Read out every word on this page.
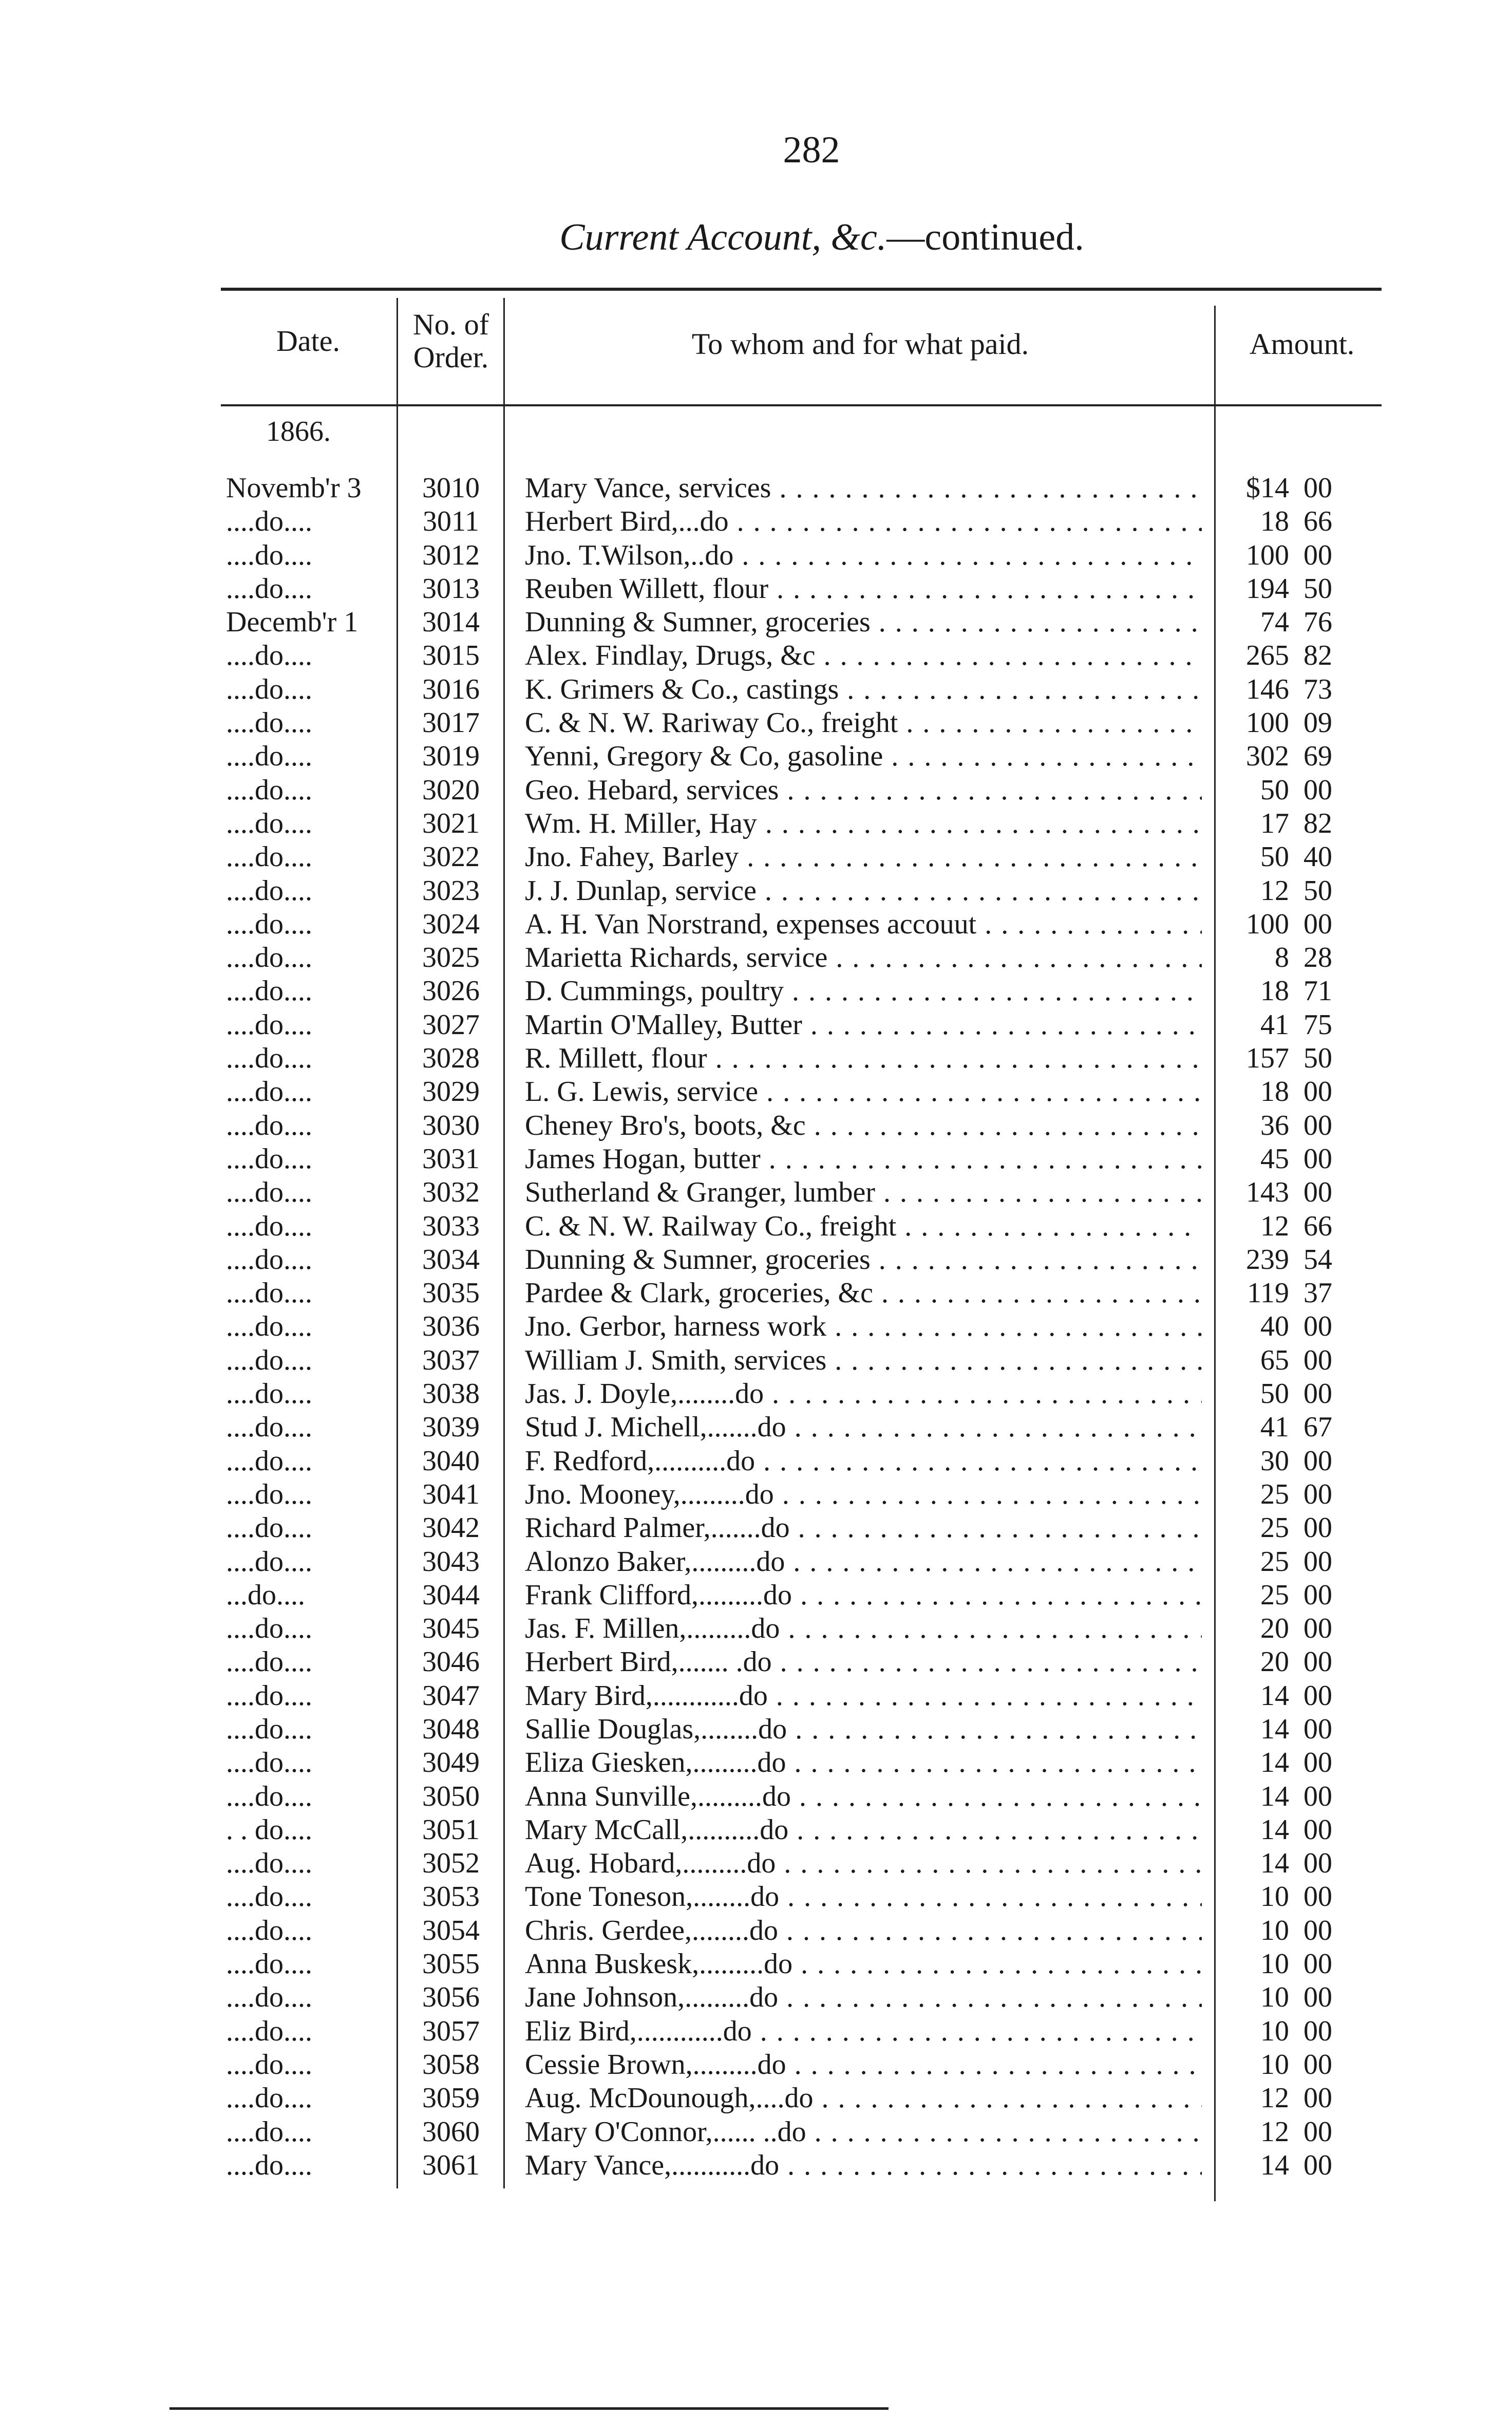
282
Current Account, &c.—continued.
Date.	No. of
Order.	To whom and for what paid.	Amount.
1866.
Novemb'r 3	3010	Mary Vance, services . . .	$14 00
....do....	3011	Herbert Bird,...do . . .	18 66
....do....	3012	Jno. T.Wilson,..do . . .	100 00
....do....	3013	Reuben Willett, flour . . .	194 50
Decemb'r 1	3014	Dunning & Sumner, groceries . . .	74 76
....do....	3015	Alex. Findlay, Drugs, &c . . .	265 82
....do....	3016	K. Grimers & Co., castings . . .	146 73
....do....	3017	C. & N. W. Rariway Co., freight . . .	100 09
....do....	3019	Yenni, Gregory & Co, gasoline . . .	302 69
....do....	3020	Geo. Hebard, services . . .	50 00
....do....	3021	Wm. H. Miller, Hay . . .	17 82
....do....	3022	Jno. Fahey, Barley . . .	50 40
....do....	3023	J. J. Dunlap, service . . .	12 50
....do....	3024	A. H. Van Norstrand, expenses accouut . . .	100 00
....do....	3025	Marietta Richards, service . . .	8 28
....do....	3026	D. Cummings, poultry . . .	18 71
....do....	3027	Martin O'Malley, Butter . . .	41 75
....do....	3028	R. Millett, flour . . .	157 50
....do....	3029	L. G. Lewis, service . . .	18 00
....do....	3030	Cheney Bro's, boots, &c . . .	36 00
....do....	3031	James Hogan, butter . . .	45 00
....do....	3032	Sutherland & Granger, lumber . . .	143 00
....do....	3033	C. & N. W. Railway Co., freight . . .	12 66
....do....	3034	Dunning & Sumner, groceries . . .	239 54
....do....	3035	Pardee & Clark, groceries, &c . . .	119 37
....do....	3036	Jno. Gerbor, harness work . . .	40 00
....do....	3037	William J. Smith, services . . .	65 00
....do....	3038	Jas. J. Doyle,........do . . .	50 00
....do....	3039	Stud J. Michell,.......do . . .	41 67
....do....	3040	F. Redford,..........do . . .	30 00
....do....	3041	Jno. Mooney,.........do . . .	25 00
....do....	3042	Richard Palmer,.......do . . .	25 00
....do....	3043	Alonzo Baker,.........do . . .	25 00
...do....	3044	Frank Clifford,.........do . . .	25 00
....do....	3045	Jas. F. Millen,.........do . . .	20 00
....do....	3046	Herbert Bird,....... .do . . .	20 00
....do....	3047	Mary Bird,............do . . .	14 00
....do....	3048	Sallie Douglas,........do . . .	14 00
....do....	3049	Eliza Giesken,.........do . . .	14 00
....do....	3050	Anna Sunville,.........do . . .	14 00
. . do....	3051	Mary McCall,..........do . . .	14 00
....do....	3052	Aug. Hobard,.........do . . .	14 00
....do....	3053	Tone Toneson,........do . . .	10 00
....do....	3054	Chris. Gerdee,........do . . .	10 00
....do....	3055	Anna Buskesk,.........do . . .	10 00
....do....	3056	Jane Johnson,.........do . . .	10 00
....do....	3057	Eliz Bird,............do . . .	10 00
....do....	3058	Cessie Brown,.........do . . .	10 00
....do....	3059	Aug. McDounough,....do . . .	12 00
....do....	3060	Mary O'Connor,...... ..do . . .	12 00
....do....	3061	Mary Vance,...........do . . .	14 00
